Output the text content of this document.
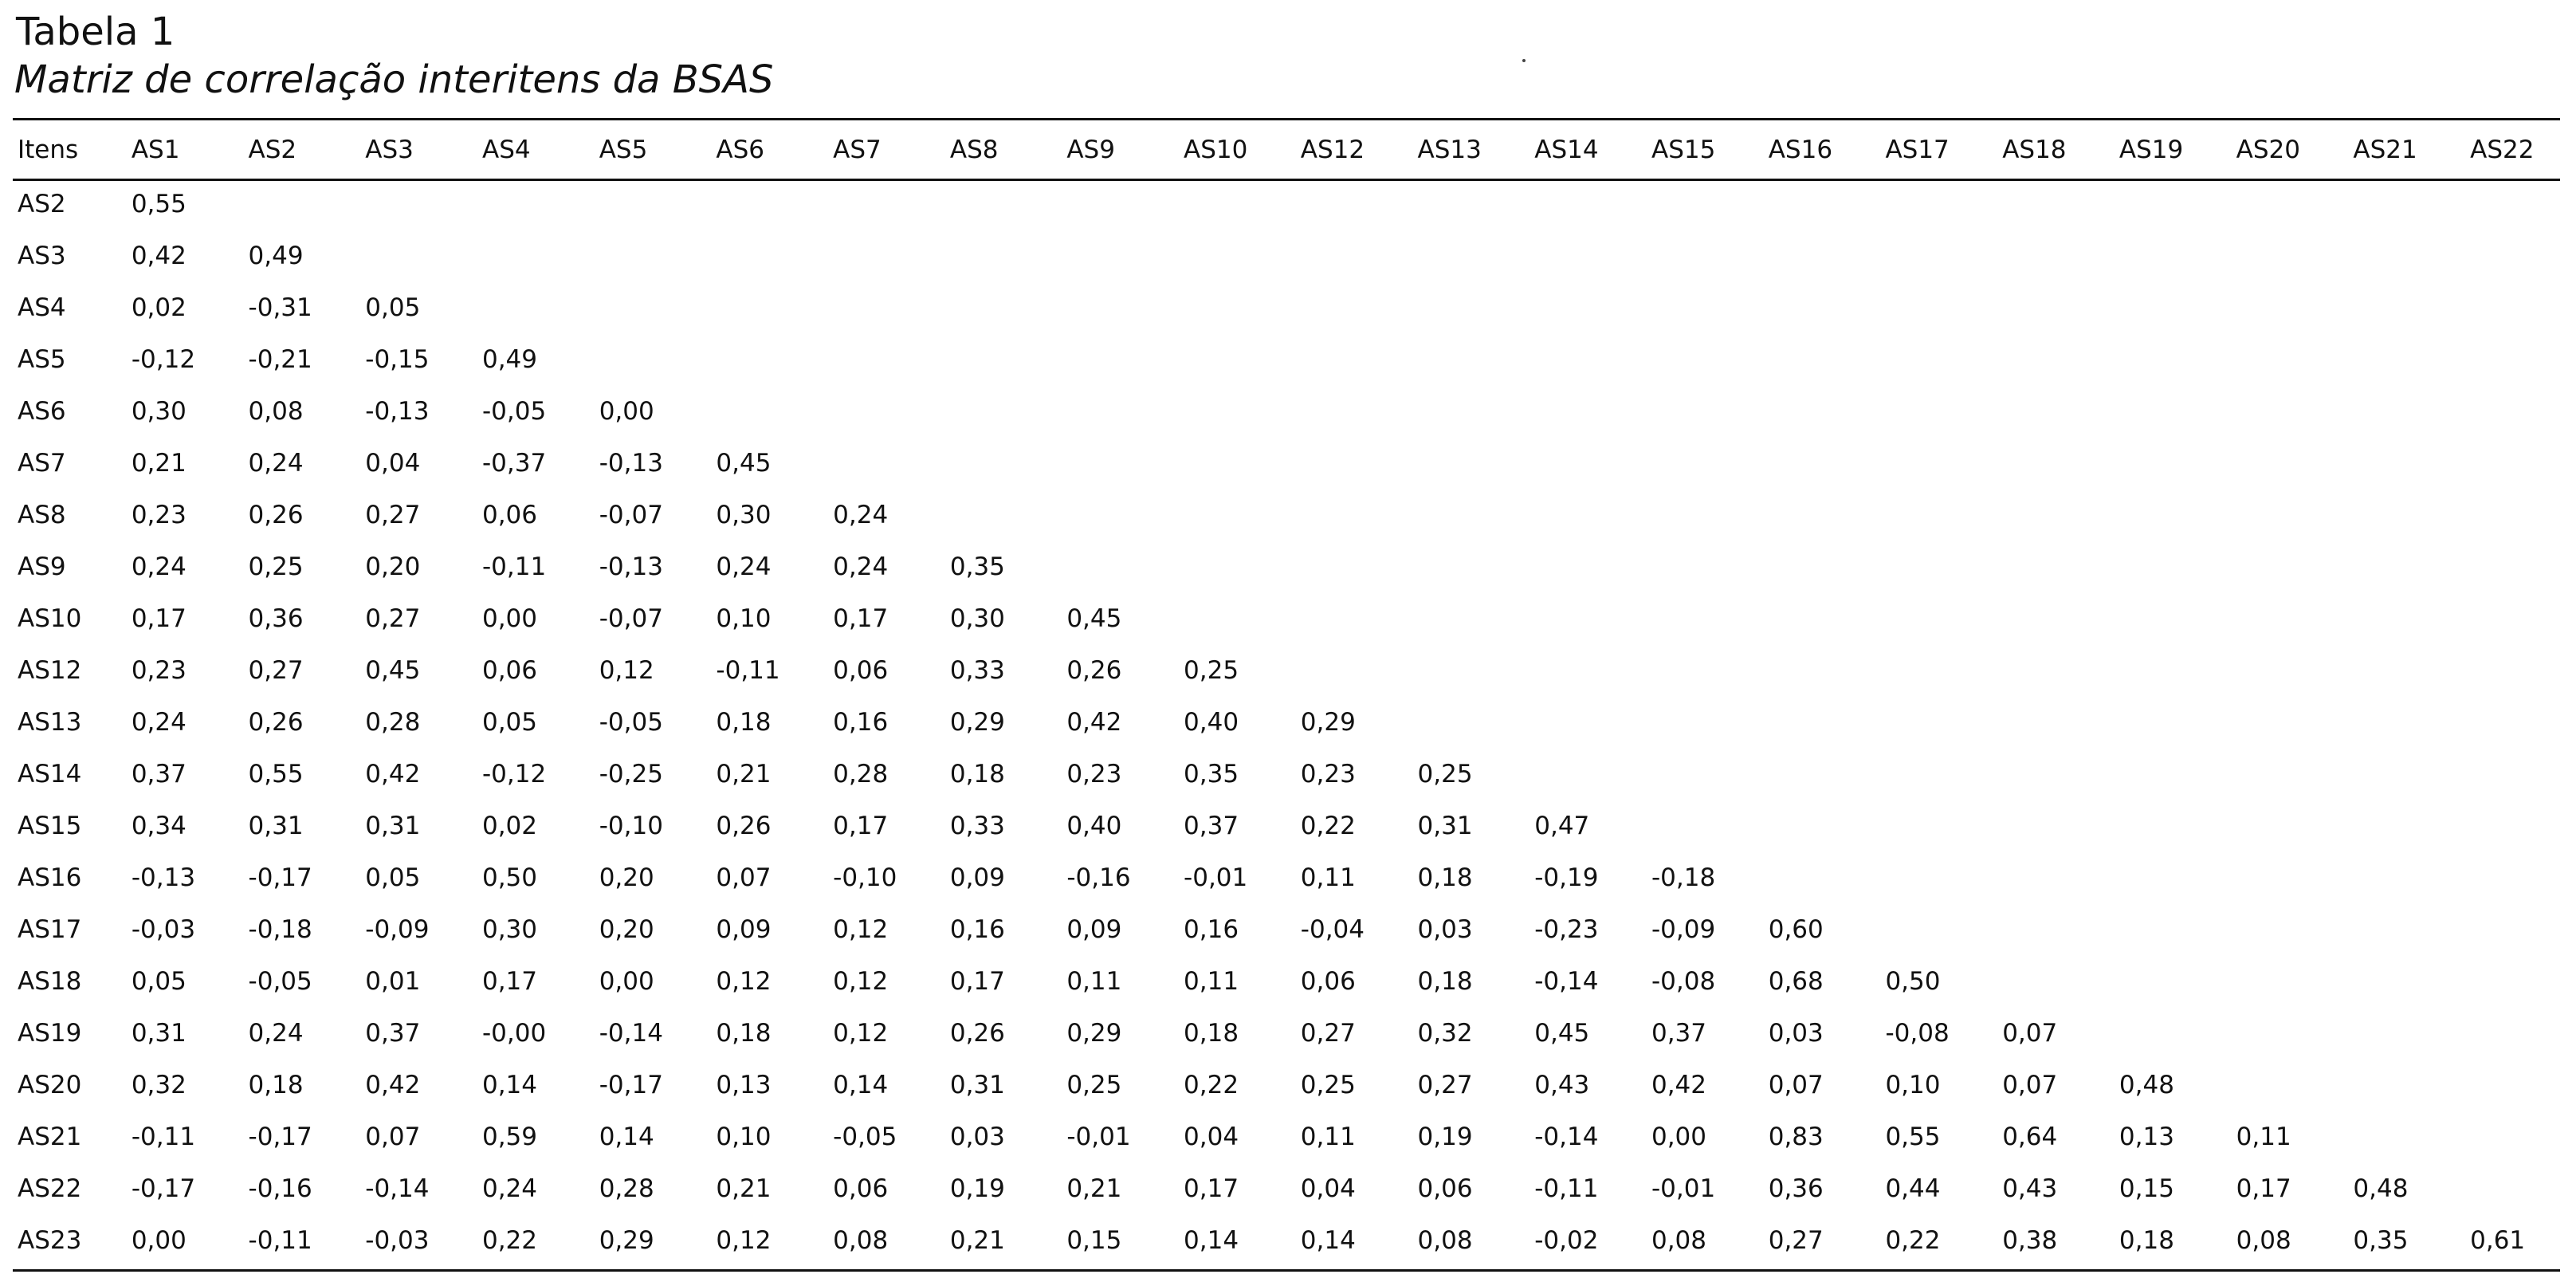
Tabela 1
Matriz de correlação interitens da BSAS
Itens	AS1	AS2	AS3	AS4	AS5	AS6	AS7	AS8	AS9	AS10	AS12	AS13	AS14	AS15	AS16	AS17	AS18	AS19	AS20	AS21	AS22
AS2	0,55																				
AS3	0,42	0,49																			
AS4	0,02	-0,31	0,05																		
AS5	-0,12	-0,21	-0,15	0,49																	
AS6	0,30	0,08	-0,13	-0,05	0,00																
AS7	0,21	0,24	0,04	-0,37	-0,13	0,45															
AS8	0,23	0,26	0,27	0,06	-0,07	0,30	0,24														
AS9	0,24	0,25	0,20	-0,11	-0,13	0,24	0,24	0,35													
AS10	0,17	0,36	0,27	0,00	-0,07	0,10	0,17	0,30	0,45												
AS12	0,23	0,27	0,45	0,06	0,12	-0,11	0,06	0,33	0,26	0,25											
AS13	0,24	0,26	0,28	0,05	-0,05	0,18	0,16	0,29	0,42	0,40	0,29										
AS14	0,37	0,55	0,42	-0,12	-0,25	0,21	0,28	0,18	0,23	0,35	0,23	0,25									
AS15	0,34	0,31	0,31	0,02	-0,10	0,26	0,17	0,33	0,40	0,37	0,22	0,31	0,47								
AS16	-0,13	-0,17	0,05	0,50	0,20	0,07	-0,10	0,09	-0,16	-0,01	0,11	0,18	-0,19	-0,18							
AS17	-0,03	-0,18	-0,09	0,30	0,20	0,09	0,12	0,16	0,09	0,16	-0,04	0,03	-0,23	-0,09	0,60						
AS18	0,05	-0,05	0,01	0,17	0,00	0,12	0,12	0,17	0,11	0,11	0,06	0,18	-0,14	-0,08	0,68	0,50					
AS19	0,31	0,24	0,37	-0,00	-0,14	0,18	0,12	0,26	0,29	0,18	0,27	0,32	0,45	0,37	0,03	-0,08	0,07				
AS20	0,32	0,18	0,42	0,14	-0,17	0,13	0,14	0,31	0,25	0,22	0,25	0,27	0,43	0,42	0,07	0,10	0,07	0,48			
AS21	-0,11	-0,17	0,07	0,59	0,14	0,10	-0,05	0,03	-0,01	0,04	0,11	0,19	-0,14	0,00	0,83	0,55	0,64	0,13	0,11		
AS22	-0,17	-0,16	-0,14	0,24	0,28	0,21	0,06	0,19	0,21	0,17	0,04	0,06	-0,11	-0,01	0,36	0,44	0,43	0,15	0,17	0,48	
AS23	0,00	-0,11	-0,03	0,22	0,29	0,12	0,08	0,21	0,15	0,14	0,14	0,08	-0,02	0,08	0,27	0,22	0,38	0,18	0,08	0,35	0,61
